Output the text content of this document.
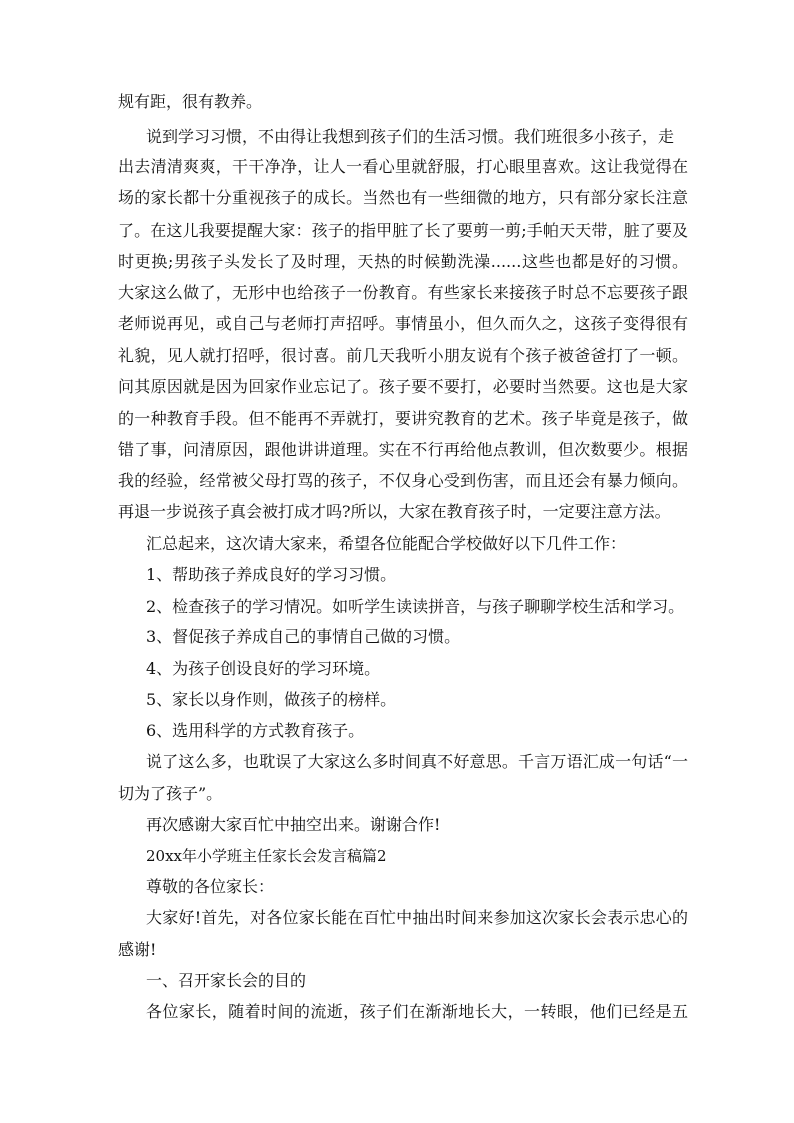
规有距，很有教养。
说到学习习惯，不由得让我想到孩子们的生活习惯。我们班很多小孩子，走
出去清清爽爽，干干净净，让人一看心里就舒服，打心眼里喜欢。这让我觉得在
场的家长都十分重视孩子的成长。当然也有一些细微的地方，只有部分家长注意
了。在这儿我要提醒大家：孩子的指甲脏了长了要剪一剪;手帕天天带，脏了要及
时更换;男孩子头发长了及时理，天热的时候勤洗澡......这些也都是好的习惯。
大家这么做了，无形中也给孩子一份教育。有些家长来接孩子时总不忘要孩子跟
老师说再见，或自己与老师打声招呼。事情虽小，但久而久之，这孩子变得很有
礼貌，见人就打招呼，很讨喜。前几天我听小朋友说有个孩子被爸爸打了一顿。
问其原因就是因为回家作业忘记了。孩子要不要打，必要时当然要。这也是大家
的一种教育手段。但不能再不弄就打，要讲究教育的艺术。孩子毕竟是孩子，做
错了事，问清原因，跟他讲讲道理。实在不行再给他点教训，但次数要少。根据
我的经验，经常被父母打骂的孩子，不仅身心受到伤害，而且还会有暴力倾向。
再退一步说孩子真会被打成才吗?所以，大家在教育孩子时，一定要注意方法。
汇总起来，这次请大家来，希望各位能配合学校做好以下几件工作：
1、帮助孩子养成良好的学习习惯。
2、检查孩子的学习情况。如听学生读读拼音，与孩子聊聊学校生活和学习。
3、督促孩子养成自己的事情自己做的习惯。
4、为孩子创设良好的学习环境。
5、家长以身作则，做孩子的榜样。
6、选用科学的方式教育孩子。
说了这么多，也耽误了大家这么多时间真不好意思。千言万语汇成一句话“一
切为了孩子”。
再次感谢大家百忙中抽空出来。谢谢合作!
20xx年小学班主任家长会发言稿篇2
尊敬的各位家长：
大家好!首先，对各位家长能在百忙中抽出时间来参加这次家长会表示忠心的
感谢!
一、召开家长会的目的
各位家长，随着时间的流逝，孩子们在渐渐地长大，一转眼，他们已经是五
